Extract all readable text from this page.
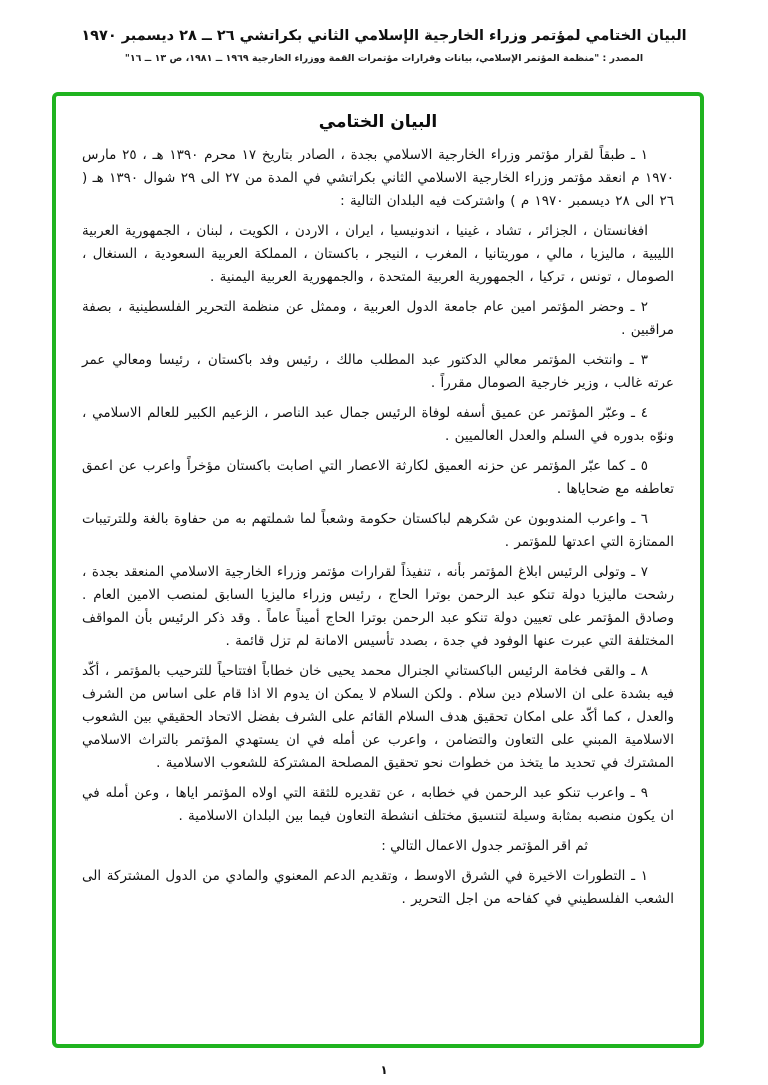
البيان الختامي لمؤتمر وزراء الخارجية الإسلامي الثاني بكراتشي ٢٦ ــ ٢٨ ديسمبر ١٩٧٠
المصدر : "منظمة المؤتمر الإسلامي، بيانات وقرارات مؤتمرات القمة ووزراء الخارجية ١٩٦٩ ــ ١٩٨١، ص ١٣ ــ ١٦"
البيان الختامي

١ ـ طبقاً لقرار مؤتمر وزراء الخارجية الاسلامي بجدة ، الصادر بتاريخ ١٧ محرم ١٣٩٠ هـ ، ٢٥ مارس ١٩٧٠ م انعقد مؤتمر وزراء الخارجية الاسلامي الثاني بكراتشي في المدة من ٢٧ الى ٢٩ شوال ١٣٩٠ هـ ( ٢٦ الى ٢٨ ديسمبر ١٩٧٠ م ) واشتركت فيه البلدان التالية :

افغانستان ، الجزائر ، تشاد ، غينيا ، اندونيسيا ، ايران ، الاردن ، الكويت ، لبنان ، الجمهورية العربية الليبية ، ماليزيا ، مالي ، موريتانيا ، المغرب ، النيجر ، باكستان ، المملكة العربية السعودية ، السنغال ، الصومال ، تونس ، تركيا ، الجمهورية العربية المتحدة ، والجمهورية العربية اليمنية .

٢ ـ وحضر المؤتمر امين عام جامعة الدول العربية ، وممثل عن منظمة التحرير الفلسطينية ، بصفة مراقبين .

٣ ـ وانتخب المؤتمر معالي الدكتور عبد المطلب مالك ، رئيس وفد باكستان ، رئيسا ومعالي عمر عرته غالب ، وزير خارجية الصومال مقرراً .

٤ ـ وعبّر المؤتمر عن عميق أسفه لوفاة الرئيس جمال عبد الناصر ، الزعيم الكبير للعالم الاسلامي ، ونوّه بدوره في السلم والعدل العالميين .

٥ ـ كما عبّر المؤتمر عن حزنه العميق لكارثة الاعصار التي اصابت باكستان مؤخراً واعرب عن اعمق تعاطفه مع ضحاياها .

٦ ـ واعرب المندوبون عن شكرهم لباكستان حكومة وشعباً لما شملتهم به من حفاوة بالغة وللترتيبات الممتازة التي اعدتها للمؤتمر .

٧ ـ وتولى الرئيس ابلاغ المؤتمر بأنه ، تنفيذاً لقرارات مؤتمر وزراء الخارجية الاسلامي المنعقد بجدة ، رشحت ماليزيا دولة تنكو عبد الرحمن بوترا الحاج ، رئيس وزراء ماليزيا السابق لمنصب الامين العام . وصادق المؤتمر على تعيين دولة تنكو عبد الرحمن بوترا الحاج أميناً عاماً . وقد ذكر الرئيس بأن المواقف المختلفة التي عبرت عنها الوفود في جدة ، بصدد تأسيس الامانة لم تزل قائمة .

٨ ـ والقى فخامة الرئيس الباكستاني الجنرال محمد يحيى خان خطاباً افتتاحياً للترحيب بالمؤتمر ، أكّد فيه بشدة على ان الاسلام دين سلام . ولكن السلام لا يمكن ان يدوم الا اذا قام على اساس من الشرف والعدل ، كما أكّد على امكان تحقيق هدف السلام القائم على الشرف بفضل الاتحاد الحقيقي بين الشعوب الاسلامية المبني على التعاون والتضامن ، واعرب عن أمله في ان يستهدي المؤتمر بالتراث الاسلامي المشترك في تحديد ما يتخذ من خطوات نحو تحقيق المصلحة المشتركة للشعوب الاسلامية .

٩ ـ واعرب تنكو عبد الرحمن في خطابه ، عن تقديره للثقة التي اولاه المؤتمر اياها ، وعن أمله في ان يكون منصبه بمثابة وسيلة لتنسيق مختلف انشطة التعاون فيما بين البلدان الاسلامية .

ثم اقر المؤتمر جدول الاعمال التالي :

١ ـ التطورات الاخيرة في الشرق الاوسط ، وتقديم الدعم المعنوي والمادي من الدول المشتركة الى الشعب الفلسطيني في كفاحه من اجل التحرير .

١
